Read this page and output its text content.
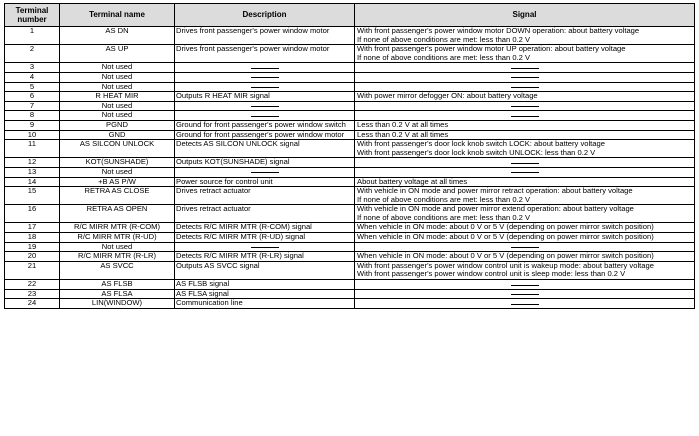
Terminal number	Terminal name	Description	Signal
1	AS DN	Drives front passenger's power window motor	With front passenger's power window motor DOWN operation: about battery voltage
If none of above conditions are met: less than 0.2 V

2	AS UP	Drives front passenger's power window motor	With front passenger's power window motor UP operation: about battery voltage
If none of above conditions are met: less than 0.2 V

3	Not used		
4	Not used		
5	Not used		
6	R HEAT MIR	Outputs R HEAT MIR signal	With power mirror defogger ON: about battery voltage

7	Not used		
8	Not used		
9	PGND	Ground for front passenger's power window switch	Less than 0.2 V at all times

10	GND	Ground for front passenger's power window motor	Less than 0.2 V at all times

11	AS SILCON UNLOCK	Detects AS SILCON UNLOCK signal	With front passenger's door lock knob switch LOCK: about battery voltage
With front passenger's door lock knob switch UNLOCK: less than 0.2 V

12	KOT(SUNSHADE)	Outputs KOT(SUNSHADE) signal	
13	Not used		
14	+B AS P/W	Power source for control unit	About battery voltage at all times

15	RETRA AS CLOSE	Drives retract actuator	With vehicle in ON mode and power mirror retract operation: about battery voltage
If none of above conditions are met: less than 0.2 V

16	RETRA AS OPEN	Drives retract actuator	With vehicle in ON mode and power mirror extend operation: about battery voltage
If none of above conditions are met: less than 0.2 V

17	R/C MIRR MTR (R-COM)	Detects R/C MIRR MTR (R-COM) signal	When vehicle in ON mode: about 0 V or 5 V (depending on power mirror switch position)

18	R/C MIRR MTR (R-UD)	Detects R/C MIRR MTR (R-UD) signal	When vehicle in ON mode: about 0 V or 5 V (depending on power mirror switch position)

19	Not used		
20	R/C MIRR MTR (R-LR)	Detects R/C MIRR MTR (R-LR) signal	When vehicle in ON mode: about 0 V or 5 V (depending on power mirror switch position)

21	AS SVCC	Outputs AS SVCC signal	With front passenger's power window control unit is wakeup mode: about battery voltage
With front passenger's power window control unit is sleep mode: less than 0.2 V

22	AS FLSB	AS FLSB signal	
23	AS FLSA	AS FLSA signal	
24	LIN(WINDOW)	Communication line	
